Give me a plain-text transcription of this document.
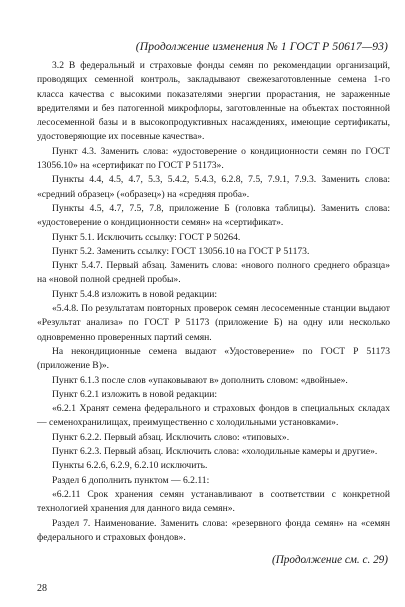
(Продолжение изменения № 1 ГОСТ Р 50617—93)

3.2 В федеральный и страховые фонды семян по рекомендации организаций, проводящих семенной контроль, закладывают свежезаготовленные семена 1-го класса качества с высокими показателями энергии прорастания, не зараженные вредителями и без патогенной микрофлоры, заготовленные на объектах постоянной лесосеменной базы и в высокопродуктивных насаждениях, имеющие сертификаты, удостоверяющие их посевные качества».

Пункт 4.3. Заменить слова: «удостоверение о кондиционности семян по ГОСТ 13056.10» на «сертификат по ГОСТ Р 51173».

Пункты 4.4, 4.5, 4.7, 5.3, 5.4.2, 5.4.3, 6.2.8, 7.5, 7.9.1, 7.9.3. Заменить слова: «средний образец» («образец») на «средняя проба».

Пункты 4.5, 4.7, 7.5, 7.8, приложение Б (головка таблицы). Заменить слова: «удостоверение о кондиционности семян» на «сертификат».

Пункт 5.1. Исключить ссылку: ГОСТ Р 50264.

Пункт 5.2. Заменить ссылку: ГОСТ 13056.10 на ГОСТ Р 51173.

Пункт 5.4.7. Первый абзац. Заменить слова: «нового полного среднего образца» на «новой полной средней пробы».

Пункт 5.4.8 изложить в новой редакции:

«5.4.8. По результатам повторных проверок семян лесосеменные станции выдают «Результат анализа» по ГОСТ Р 51173 (приложение Б) на одну или несколько одновременно проверенных партий семян.

На некондиционные семена выдают «Удостоверение» по ГОСТ Р 51173 (приложение В)».

Пункт 6.1.3 после слов «упаковывают в» дополнить словом: «двойные».

Пункт 6.2.1 изложить в новой редакции:

«6.2.1 Хранят семена федерального и страховых фондов в специальных складах — семенохранилищах, преимущественно с холодильными установками».

Пункт 6.2.2. Первый абзац. Исключить слово: «типовых».

Пункт 6.2.3. Первый абзац. Исключить слова: «холодильные камеры и другие».

Пункты 6.2.6, 6.2.9, 6.2.10 исключить.

Раздел 6 дополнить пунктом — 6.2.11:

«6.2.11 Срок хранения семян устанавливают в соответствии с конкретной технологией хранения для данного вида семян».

Раздел 7. Наименование. Заменить слова: «резервного фонда семян» на «семян федерального и страховых фондов».

(Продолжение см. с. 29)
28
